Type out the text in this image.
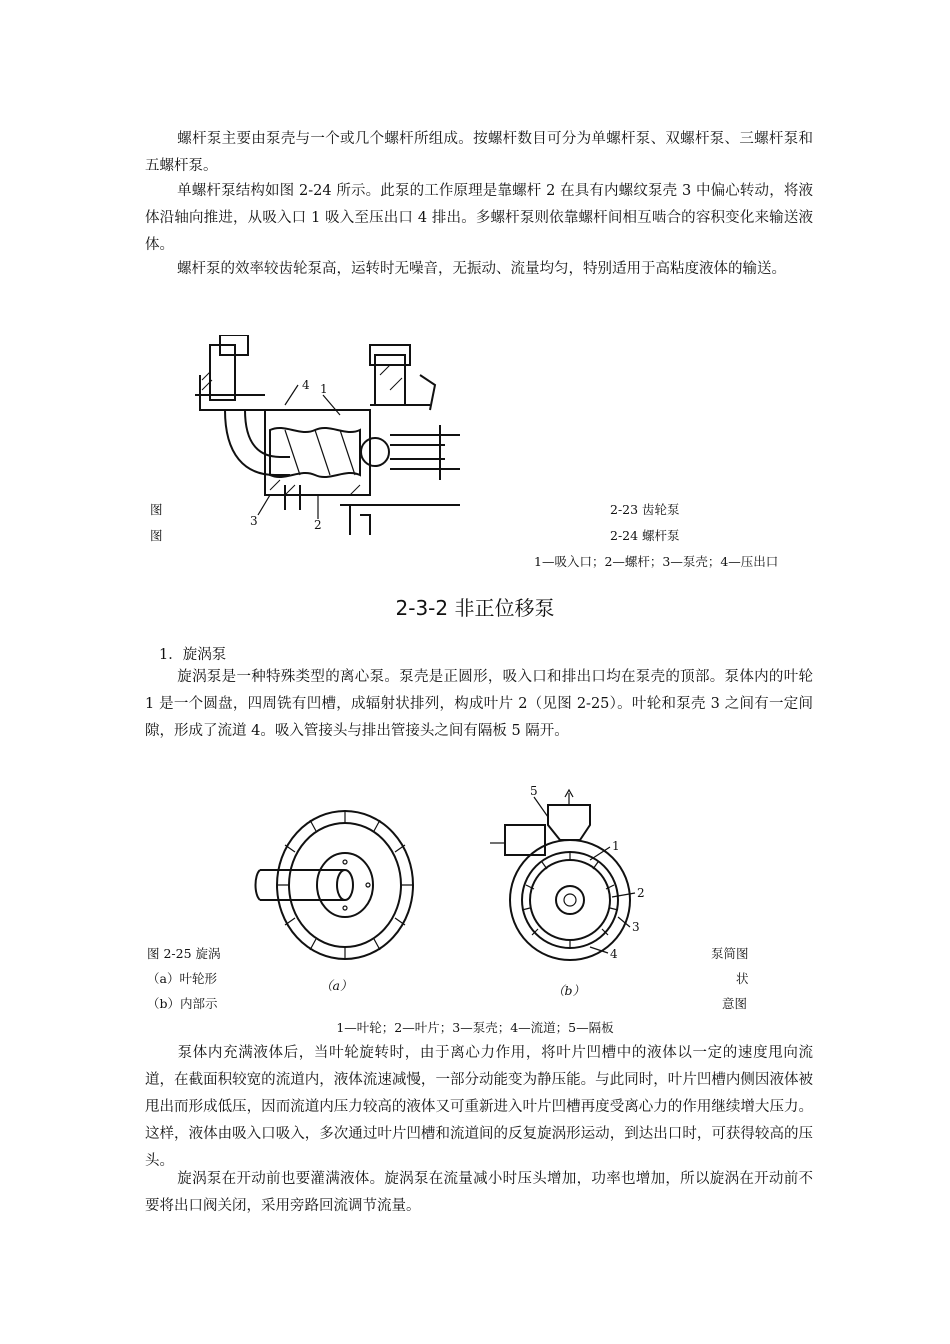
螺杆泵主要由泵壳与一个或几个螺杆所组成。按螺杆数目可分为单螺杆泵、双螺杆泵、三螺杆泵和五螺杆泵。

单螺杆泵结构如图 2-24 所示。此泵的工作原理是靠螺杆 2 在具有内螺纹泵壳 3 中偏心转动，将液体沿轴向推进，从吸入口 1 吸入至压出口 4 排出。多螺杆泵则依靠螺杆间相互啮合的容积变化来输送液体。

螺杆泵的效率较齿轮泵高，运转时无噪音，无振动、流量均匀，特别适用于高粘度液体的输送。

4 1
3	2
图
图
2-23 齿轮泵
2-24 螺杆泵
1—吸入口；2—螺杆；3—泵壳；4—压出口
2-3-2 非正位移泵

1．旋涡泵

旋涡泵是一种特殊类型的离心泵。泵壳是正圆形，吸入口和排出口均在泵壳的顶部。泵体内的叶轮 1 是一个圆盘，四周铣有凹槽，成辐射状排列，构成叶片 2（见图 2-25）。叶轮和泵壳 3 之间有一定间隙，形成了流道 4。吸入管接头与排出管接头之间有隔板 5 隔开。

5
1
2
3
4
图 2-25 旋涡
（a）叶轮形
（b）内部示
（a）	（b）
泵简图
状
意图
1—叶轮；2—叶片；3—泵壳；4—流道；5—隔板

泵体内充满液体后，当叶轮旋转时，由于离心力作用，将叶片凹槽中的液体以一定的速度甩向流道，在截面积较宽的流道内，液体流速减慢，一部分动能变为静压能。与此同时，叶片凹槽内侧因液体被甩出而形成低压，因而流道内压力较高的液体又可重新进入叶片凹槽再度受离心力的作用继续增大压力。这样，液体由吸入口吸入，多次通过叶片凹槽和流道间的反复旋涡形运动，到达出口时，可获得较高的压头。

旋涡泵在开动前也要灌满液体。旋涡泵在流量减小时压头增加，功率也增加，所以旋涡在开动前不要将出口阀关闭，采用旁路回流调节流量。
